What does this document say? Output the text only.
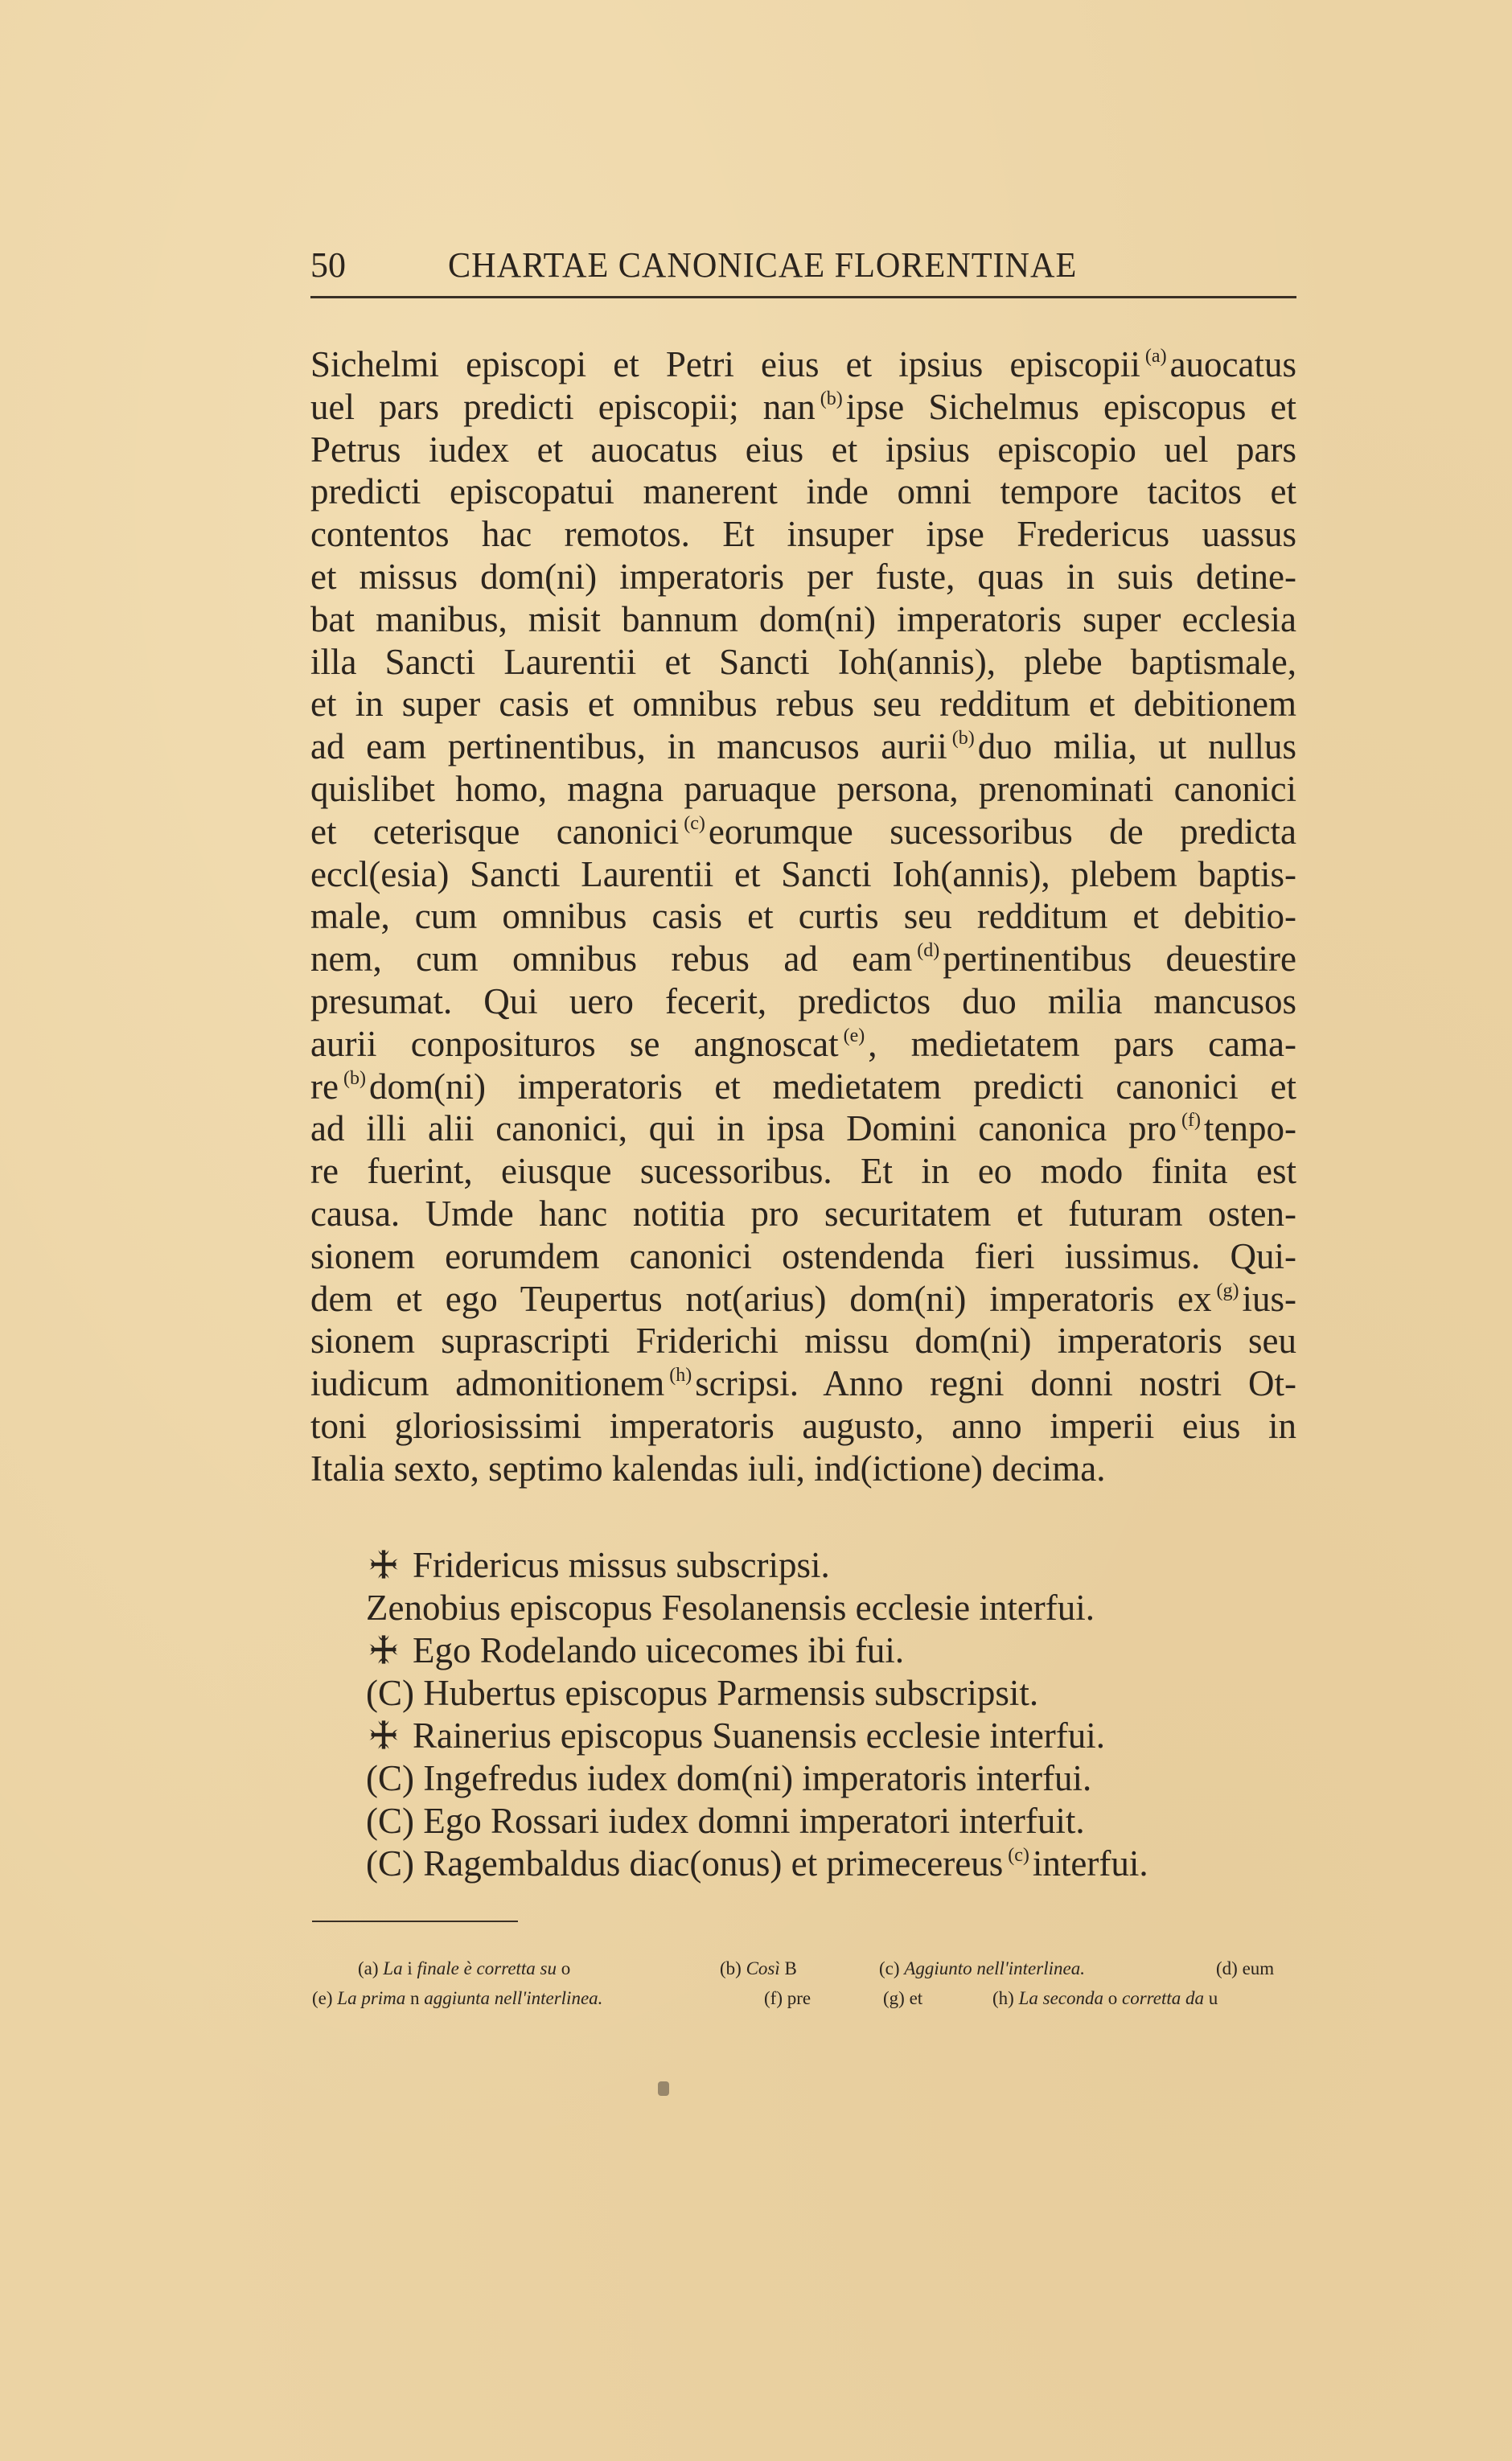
50	CHARTAE CANONICAE FLORENTINAE
Sichelmi episcopi et Petri eius et ipsius episcopii $^{(a)}$auocatus
uel pars predicti episcopii; nan $^{(b)}$ipse Sichelmus episcopus et
Petrus iudex et auocatus eius et ipsius episcopio uel pars
predicti episcopatui manerent inde omni tempore tacitos et
contentos hac remotos. Et insuper ipse Fredericus uassus
et missus dom(ni) imperatoris per fuste, quas in suis detine-
bat manibus, misit bannum dom(ni) imperatoris super ecclesia
illa Sancti Laurentii et Sancti Ioh(annis), plebe baptismale,
et in super casis et omnibus rebus seu redditum et debitionem
ad eam pertinentibus, in mancusos aurii $^{(b)}$duo milia, ut nullus
quislibet homo, magna paruaque persona, prenominati canonici
et ceterisque canonici $^{(c)}$eorumque sucessoribus de predicta
eccl(esia) Sancti Laurentii et Sancti Ioh(annis), plebem baptis-
male, cum omnibus casis et curtis seu redditum et debitio-
nem, cum omnibus rebus ad eam $^{(d)}$pertinentibus deuestire
presumat. Qui uero fecerit, predictos duo milia mancusos
aurii conposituros se angnoscat $^{(e)}$, medietatem pars cama-
re $^{(b)}$dom(ni) imperatoris et medietatem predicti canonici et
ad illi alii canonici, qui in ipsa Domini canonica pro $^{(f)}$tenpo-
re fuerint, eiusque sucessoribus. Et in eo modo finita est
causa. Umde hanc notitia pro securitatem et futuram osten-
sionem eorumdem canonici ostendenda fieri iussimus. Qui-
dem et ego Teupertus not(arius) dom(ni) imperatoris ex $^{(g)}$ius-
sionem suprascripti Friderichi missu dom(ni) imperatoris seu
iudicum admonitionem $^{(h)}$scripsi. Anno regni donni nostri Ot-
toni gloriosissimi imperatoris augusto, anno imperii eius in
Italia sexto, septimo kalendas iuli, ind(ictione) decima.
Fridericus missus subscripsi.
Zenobius episcopus Fesolanensis ecclesie interfui.
Ego Rodelando uicecomes ibi fui.
(C) Hubertus episcopus Parmensis subscripsit.
Rainerius episcopus Suanensis ecclesie interfui.
(C) Ingefredus iudex dom(ni) imperatoris interfui.
(C) Ego Rossari iudex domni imperatori interfuit.
(C) Ragembaldus diac(onus) et primecereus $^{(c)}$interfui.
(a) La i finale è corretta su o	(b) Così B	(c) Aggiunto nell'interlinea.	(d) eum
(e) La prima n aggiunta nell'interlinea.	(f) pre	(g) et	(h) La seconda o corretta da u
